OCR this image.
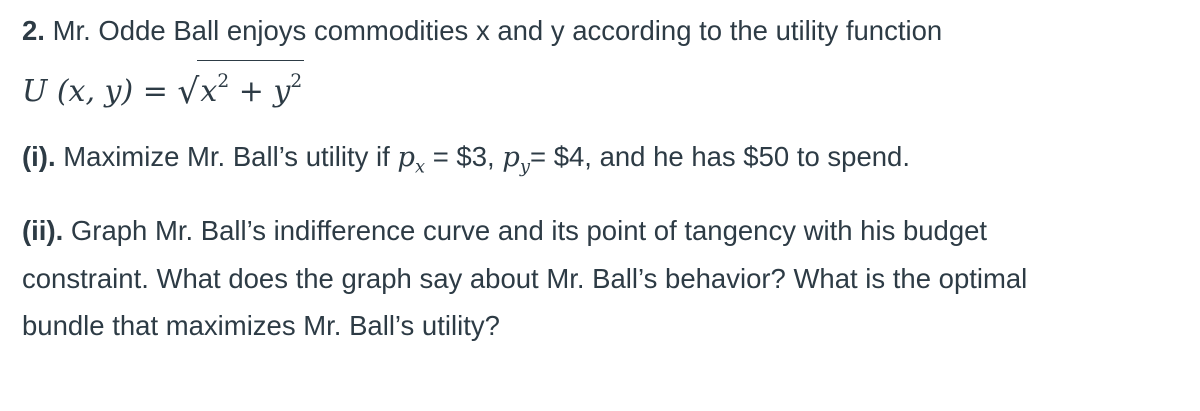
2. Mr. Odde Ball enjoys commodities x and y according to the utility function
U (x, $y) = √x^2 + y^2$
(i). Maximize Mr. Ball’s utility if $p_x$ = $3, $p_y=$ $4, and he has $50 to spend.
(ii). Graph Mr. Ball’s indifference curve and its point of tangency with his budget
constraint. What does the graph say about Mr. Ball’s behavior? What is the optimal
bundle that maximizes Mr. Ball’s utility?
